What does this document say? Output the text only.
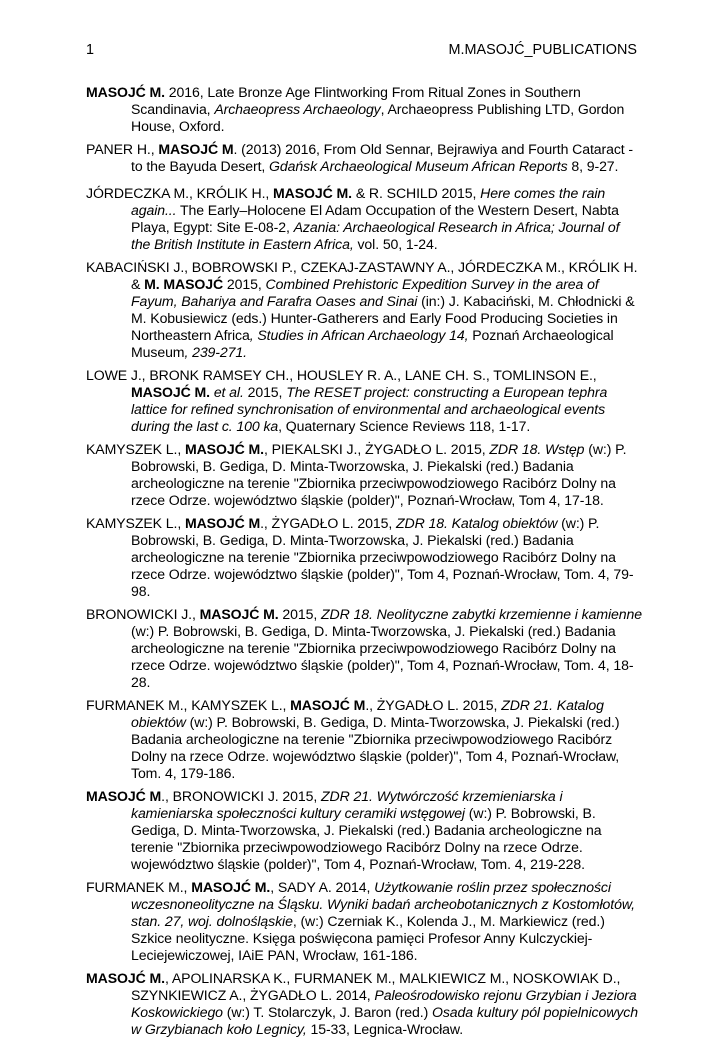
1	M.MASOJĆ_PUBLICATIONS

MASOJĆ M. 2016, Late Bronze Age Flintworking From Ritual Zones in Southern Scandinavia, Archaeopress Archaeology, Archaeopress Publishing LTD, Gordon House, Oxford.

PANER H., MASOJĆ M. (2013) 2016, From Old Sennar, Bejrawiya and Fourth Cataract - to the Bayuda Desert, Gdańsk Archaeological Museum African Reports 8, 9-27.

JÓRDECZKA M., KRÓLIK H., MASOJĆ M. & R. SCHILD 2015, Here comes the rain again... The Early–Holocene El Adam Occupation of the Western Desert, Nabta Playa, Egypt: Site E-08-2, Azania: Archaeological Research in Africa; Journal of the British Institute in Eastern Africa, vol. 50, 1-24.

KABACIŃSKI J., BOBROWSKI P., CZEKAJ-ZASTAWNY A., JÓRDECZKA M., KRÓLIK H. & M. MASOJĆ 2015, Combined Prehistoric Expedition Survey in the area of Fayum, Bahariya and Farafra Oases and Sinai (in:) J. Kabaciński, M. Chłodnicki & M. Kobusiewicz (eds.) Hunter-Gatherers and Early Food Producing Societies in Northeastern Africa, Studies in African Archaeology 14, Poznań Archaeological Museum, 239-271.

LOWE J., BRONK RAMSEY CH., HOUSLEY R. A., LANE CH. S., TOMLINSON E., MASOJĆ M. et al. 2015, The RESET project: constructing a European tephra lattice for refined synchronisation of environmental and archaeological events during the last c. 100 ka, Quaternary Science Reviews 118, 1-17.

KAMYSZEK L., MASOJĆ M., PIEKALSKI J., ŻYGADŁO L. 2015, ZDR 18. Wstęp (w:) P. Bobrowski, B. Gediga, D. Minta-Tworzowska, J. Piekalski (red.) Badania archeologiczne na terenie "Zbiornika przeciwpowodziowego Racibórz Dolny na rzece Odrze. województwo śląskie (polder)", Poznań-Wrocław, Tom 4, 17-18.

KAMYSZEK L., MASOJĆ M., ŻYGADŁO L. 2015, ZDR 18. Katalog obiektów (w:) P. Bobrowski, B. Gediga, D. Minta-Tworzowska, J. Piekalski (red.) Badania archeologiczne na terenie "Zbiornika przeciwpowodziowego Racibórz Dolny na rzece Odrze. województwo śląskie (polder)", Tom 4, Poznań-Wrocław, Tom. 4, 79-98.

BRONOWICKI J., MASOJĆ M. 2015, ZDR 18. Neolityczne zabytki krzemienne i kamienne (w:) P. Bobrowski, B. Gediga, D. Minta-Tworzowska, J. Piekalski (red.) Badania archeologiczne na terenie "Zbiornika przeciwpowodziowego Racibórz Dolny na rzece Odrze. województwo śląskie (polder)", Tom 4, Poznań-Wrocław, Tom. 4, 18-28.

FURMANEK M., KAMYSZEK L., MASOJĆ M., ŻYGADŁO L. 2015, ZDR 21. Katalog obiektów (w:) P. Bobrowski, B. Gediga, D. Minta-Tworzowska, J. Piekalski (red.) Badania archeologiczne na terenie "Zbiornika przeciwpowodziowego Racibórz Dolny na rzece Odrze. województwo śląskie (polder)", Tom 4, Poznań-Wrocław, Tom. 4, 179-186.

MASOJĆ M., BRONOWICKI J. 2015, ZDR 21. Wytwórczość krzemieniarska i kamieniarska społeczności kultury ceramiki wstęgowej (w:) P. Bobrowski, B. Gediga, D. Minta-Tworzowska, J. Piekalski (red.) Badania archeologiczne na terenie "Zbiornika przeciwpowodziowego Racibórz Dolny na rzece Odrze. województwo śląskie (polder)", Tom 4, Poznań-Wrocław, Tom. 4, 219-228.

FURMANEK M., MASOJĆ M., SADY A. 2014, Użytkowanie roślin przez społeczności wczesnoneolityczne na Śląsku. Wyniki badań archeobotanicznych z Kostomłotów, stan. 27, woj. dolnośląskie, (w:) Czerniak K., Kolenda J., M. Markiewicz (red.) Szkice neolityczne. Księga poświęcona pamięci Profesor Anny Kulczyckiej-Leciejewiczowej, IAiE PAN, Wrocław, 161-186.

MASOJĆ M., APOLINARSKA K., FURMANEK M., MALKIEWICZ M., NOSKOWIAK D., SZYNKIEWICZ A., ŻYGADŁO L. 2014, Paleośrodowisko rejonu Grzybian i Jeziora Koskowickiego (w:) T. Stolarczyk, J. Baron (red.) Osada kultury pól popielnicowych w Grzybianach koło Legnicy, 15-33, Legnica-Wrocław.
